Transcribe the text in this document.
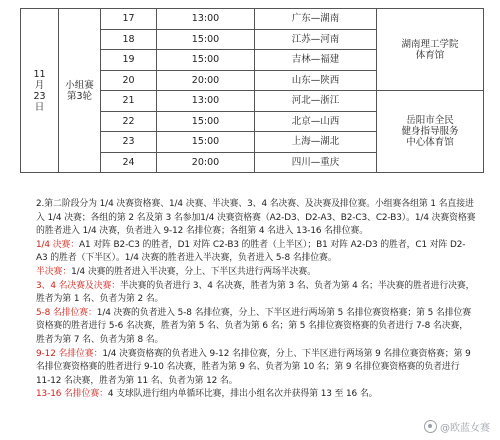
11
月
23
日	小组赛
第3轮	17	13:00	广东—湖南	湖南理工学院
体育馆
		18	15:00	江苏—河南	
		19	15:00	吉林—福建	
		20	20:00	山东—陕西	
		21	13:00	河北—浙江	岳阳市全民
健身指导服务
中心体育馆
		22	15:00	北京—山西	
		23	15:00	上海—湖北	
		24	20:00	四川—重庆	

2.第二阶段分为 1/4 决赛资格赛、1/4 决赛、半决赛、3、4 名决赛、及决赛及排位赛。小组赛各组第 1 名直接进入 1/4 决赛；各组的第 2 名及第 3 名参加1/4 决赛资格赛（A2-D3、D2-A3、B2-C3、C2-B3）。1/4 决赛资格赛的胜者进入 1/4 决赛，负者进入 9-12 名排位赛；各组第 4 名进入 13-16 名排位赛。

1/4 决赛：A1 对阵 B2-C3 的胜者，D1 对阵 C2-B3 的胜者（上半区）；B1 对阵 A2-D3 的胜者，C1 对阵 D2-A3 的胜者（下半区）。1/4 决赛的胜者进入半决赛，负者进入 5-8 名排位赛。

半决赛：1/4 决赛的胜者进入半决赛，分上、下半区共进行两场半决赛。

3、4 名决赛及决赛：半决赛的负者进行 3、4 名决赛，胜者为第 3 名、负者为第 4 名；半决赛的胜者进行决赛，胜者为第 1 名、负者为第 2 名。

5-8 名排位赛：1/4 决赛的负者进入 5-8 名排位赛，分上、下半区进行两场第 5 名排位赛资格赛；第 5 名排位赛资格赛的胜者进行 5-6 名决赛，胜者为第 5 名、负者为第 6 名；第 5 名排位赛资格赛的负者进行 7-8 名决赛，胜者为第 7 名、负者为第 8 名。

9-12 名排位赛：1/4 决赛资格赛的负者进入 9-12 名排位赛，分上、下半区进行两场第 9 名排位赛资格赛；第 9 名排位赛资格赛的胜者进行 9-10 名决赛，胜者为第 9 名、负者为第 10 名；第 9 名排位赛资格赛的负者进行 11-12 名决赛，胜者为第 11 名、负者为第 12 名。

13-16 名排位赛：4 支球队进行组内单循环比赛，排出小组名次并获得第 13 至 16 名。

@欧蓝女赛
